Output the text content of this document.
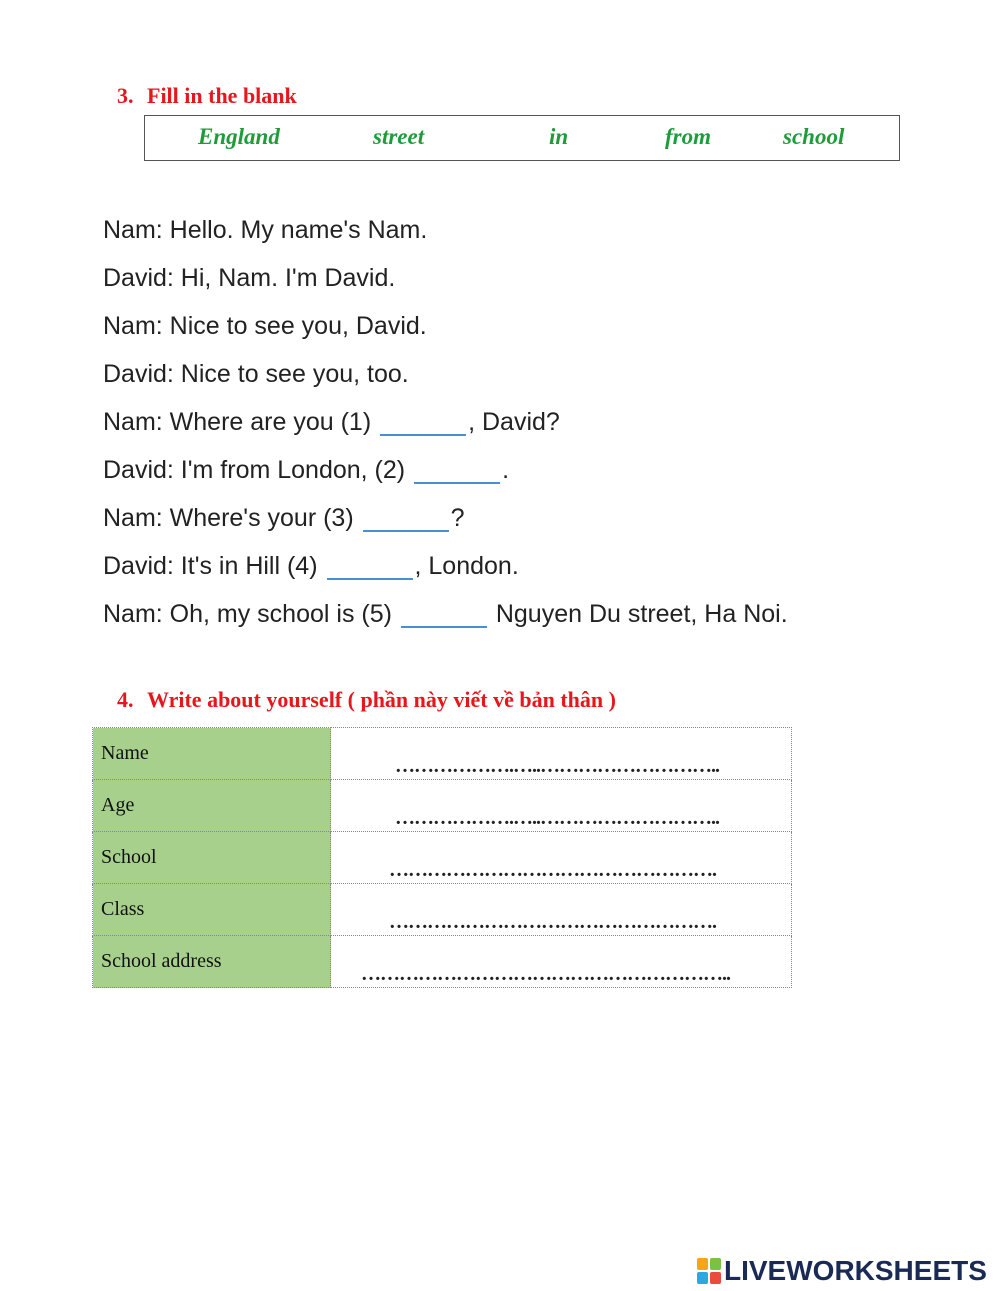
3. Fill in the blank
England	street	in	from	school
Nam: Hello. My name's Nam.
David: Hi, Nam. I'm David.
Nam: Nice to see you, David.
David: Nice to see you, too.
Nam: Where are you (1)	, David?
David: I'm from London, (2)	.
Nam: Where's your (3)	?
David: It's in Hill (4)	, London.
Nam: Oh, my school is (5)	Nguyen Du street, Ha Noi.
4. Write about yourself ( phần này viết về bản thân )
Name	……………….…..………………………..

Age	……………….…..………………………..

School	…………………………………………….

Class	…………………………………………….

School address	…………………………………………………..
LIVEWORKSHEETS
